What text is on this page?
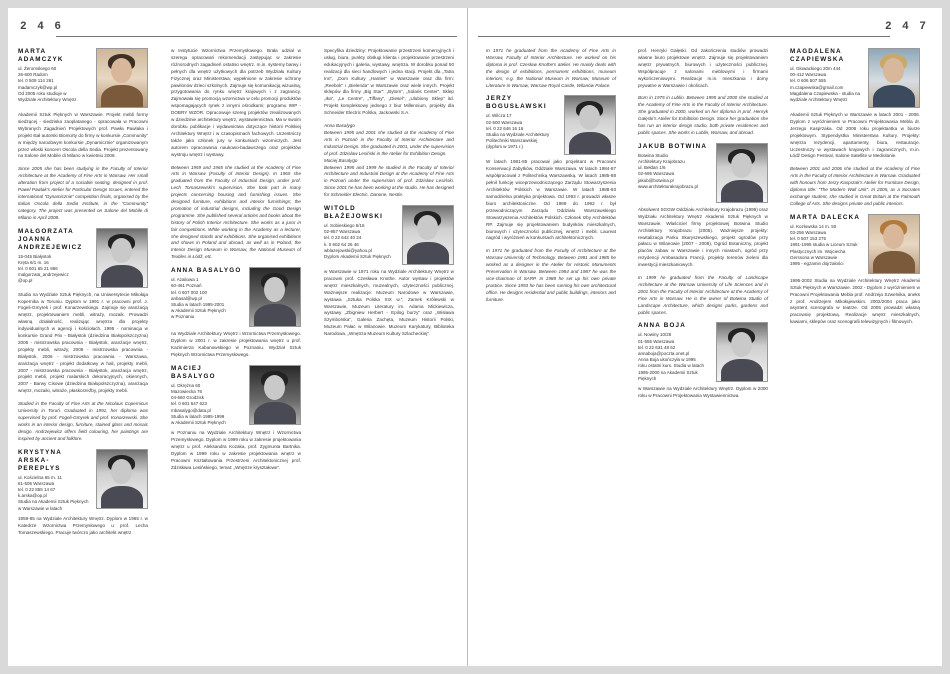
2 4 6
MARTA ADAMCZYK
ul. Żeromskiego 60
26-600 Radom
tel. 0 509 114 261
madamczyk@wp.pl
Od 2005 roku studiuje w
Wydziale Architektury Wnętrz

Akademii Sztuk Pięknych w Warszawie. Projekt mebli formy siedzącej - siedziska zaoplatanego - opracowała w Pracowni Wybranych Zagadnień Projektowych prof. Pawła Pawlaka i projekt stał autorski Biomorty do firmy w konkursie „Community” w między narodowym konkursie „Dynamicznie” organizowanym przez włoski koncern Oscola della Sedia. Projekt prezentowany na Salone del Mobile di Milano w kwietniu 2008.

Since 2005 she has been studying in the Faculty of Interior Architecture at the Academy of Fine Arts in Warsaw. Her small alteration from project of a sociable seating, designed in prof. Pawel Pawlak's Atelier for Particular Design Issues, entered the international “Dynamicznie” competition finals, organised by the Italian Oscola della Sedia Institute, in the “Community” category. The project was presented on Salone del Mobile di Milano in April 2008.

MAŁGORZATA JOANNA ANDRZEJEWICZ
15-045 Białystok
Kręta 6/1 m. 16
tel. 0 601 65 21 866
malgorzata_andrzejewicz
@op.pl

Studia na Wydziale Sztuk Pięknych, na Uniwersytecie Mikołaja Kopernika w Toruniu. Dyplom w 1991 r. w pracowni prof. J. Fogeli-Gmyrek i prof. Konarzewskiego. Zajmuje się aranżacją wnętrz, projektowaniem mebli, witraży, mozaik. Prowadzi własną działalność, realizując wnętrza dla projekty indywidualnych w agencji i kościołach. 1995 - nominacja w konkursie Grand Prix - Białystok (dziedzina Białopolszczyzna) 2005 - mistrzowska pracownia - Białystok, aranżacje wnętrz, projekty mebli, witraży, 2006 - mistrzowska pracownia - Białystok, 2006 - mistrzowska pracownia - Warszawa, aranżacja wnętrz - projekt dodatkowy w hali, projekty mebli, 2007 - mistrzowska pracownia - Białystok, aranżacja wnętrz, projekt mebli, projekt malarskich dekoracyjnych, okiennych, 2007 - Barwy Cisowe (dziedzina Białopolszczyzna), aranżacja wnętrz, mozaiki, witraże, płaskorzeźby, projekty mebli.

Studied in the Faculty of Fine Arts at the Nicolaus Copernicus University in Toruń. Graduated in 1991, her diploma was supervised by prof. Fogeli-Gmyrek and prof. Konarzewski. She works in an interior design, furniture, stained glass and mosaic design. Andrzejewicz offers field colouring, her paintings are inspired by ancient and folklore.

KRYSTYNA ARSKA-PEREPLYS
ul. Kościelna 65 m. 11
61-505 Warszawa
tel. 0 22 855 14 67
k.arska@op.pl
Studia na Akademii Sztuk Pięknych w Warszawie w latach

1959-65 na Wydziale Architektury Wnętrz. Dyplom w 1965 r. w Katedrze Wzornictwa Przemysłowego u prof. Lecha Tomaszewskiego. Pracuje twórczo jako architekt wnętrz

w Instytucie Wzornictwa Przemysłowego. Brała udział w szeregu opracowań rekomendacji zastępując w zakresie różnorodnych zagadnień ostatnio wnętrz. m.in. systemy barwy i pełnych dla wnętrz użytkowych dla potrzeb Wydziału Kultury Fizycznej oraz Ministerstwa; wypełnione w zakresie ochrony pawilonów dzieci szkolnych. Zajmuje się komunikacją wizualną, przygotowania do rynku wnętrz krajowych i z zagranicy. Zajmowała się promocją wzornictwa w celu promocji produktów wspomagających rynek z innymi ośrodkami; programu IWP - DOBRY WZÓR. Opracowuje szereg projektów zrealizowanych w dziedzinie architektury wnętrz, wystawiennictwa. Ma w swoim dorobku publikacje i wydawnictwa dotyczące historii Polskiej Architektury Wnętrz i w czasopismach fachowych. Uczestniczy także jako członek jury w konkursach wzorniczych. Jest autorem opracowania naukowo-badawczego oraz projektów wystroju wnętrz i wystawy.

Between 1959 and 1965 she studied at the Academy of Fine Arts in Warsaw (Faculty of Interior Design). In 1965 she graduated from the Faculty of Industrial Design, under prof. Lech Tomaszewski's supervision. She took part in many projects concerning housing and furnishing issues. She designed furniture, exhibitions and interior furnishings; the promotion of industrial designs, including the Good Design programme. She published several articles and books about the history of Polish Interior Architecture. She works as a juror in fair competitions. While working in the Academy as a lecturer, she designed stands and exhibitions. She organised exhibitions and shows in Poland and abroad, as well as in Poland, the Interior Design Museum in Warsaw, the National Museum of Textiles in Łódź, etc.

ANNA BASALYGO
ul. Azaliowa 1
60-461 Poznań
tel. 0 607 002 100
anbasal@wp.pl
Studia w latach 1995-2001
w Akademii Sztuk Pięknych
w Poznaniu

na Wydziale Architektury Wnętrz i Wzornictwa Przemysłowego. Dyplom w 2001 r. w zakresie projektowania wnętrz u prof. Kazimierza Kabanowskiego w Poznaniu. Wydział Sztuk Pięknych Wzornictwa Przemysłowego.

MACIEJ BASALYGO
ul. Okrężna 60
Mazowiecka 76
04-660 Grodzisk
tel. 0 601 647 623
mbasalygo@data.pl
Studia w latach 1995-1999
w Akademii Sztuk Pięknych

w Poznaniu na Wydziale Architektury Wnętrz i Wzornictwa Przemysłowego. Dyplom w 1999 roku w zakresie projektowania wnętrz u prof. Aleksandra Kozaka, prof. Zygmunta Bartnika. Dyplom w 1999 roku w zakresie projektowania wnętrz w Pracowni Kształtowania Przestrzeni Architektonicznej prof. Zdzisława Lesińskiego, temat: „Wnętrze kryształowe”.

Specyfika dziedziny: Projektowanie przestrzeni komercyjnych i usług, biura, punkty obsługi klienta i projektowanie przestrzeni edukacyjnych i galeria, wystawy, wnętrza. W dorobku ponad 50 realizacji dla sieci handlowych i jedna stacji. Projekt dla „Tatra Inn”, „Dom Kultury „Hamlet” w Warszawie oraz dla firm: „Reebok” i „Bielenda” w Warszawie oraz wiele innych. Projekt sklepów dla firmy „Big Star”: „Bytom”, „Solaris Center”. Sklep „Ika”, „Le Centre”, „Tiffany”, „Diesel”, „Ulubiony Sklep” itd. Projekt kompleksowy jednego z biur Millennium, projekty dla Schneider Electric Polska, Jackowski S.A.

Anna Basalygo
Between 1995 and 2001 she studied at the Academy of Fine Arts in Poznań in the Faculty of Interior Architecture and Industrial Design. She graduated in 2001, under the supervision of prof. Zdzisław Lesiński in the Atelier for Exhibition Design.
Maciej Basalygo
Between 1995 and 1999 he studied in the Faculty of Interior Architecture and Industrial Design at the Academy of Fine Arts in Poznań under the supervision of prof. Zdzisław Lesiński. Since 2001 he has been working at the studio. He has designed for Schneider Electric, Danone, Nestle.

WITOLD BŁAŻEJOWSKI
ul. Sobieskiego 6/16
02-957 Warszawa
tel. 0 22 642 40 24
k. 0 602 64 26 46
wblazejowski@yahoo.pl
Dyplom Akademii Sztuk Pięknych

w Warszawie w 1971 roku na Wydziale Architektury Wnętrz w pracowni prof. Czesława Knothe. Autor wystaw i projektów wnętrz mieszkalnych, muzealnych, użyteczności publicznej. Ważniejsze realizacje: Muzeum Narodowe w Warszawie, wystawa „Sztuka Polska XIX w.”, Zamek Królewski w Warszawie, Muzeum Literatury im. Adama Mickiewicza, wystawy „Zbigniew Herbert - Epilog burzy” oraz „Wisława Szymborska”, Galeria Zachęta, Muzeum Historii Polski, Muzeum Pałac w Wilanowie. Muzeum Karykatury, Biblioteka Narodowa, „Wnętrza Muzeum Kultury Szlacheckiej”.

2 4 7

In 1971 he graduated from the Academy of Fine Arts in Warsaw, Faculty of Interior Architecture. He worked on his diploma in prof. Czesław Knothe's atelier. He mainly deals with the design of exhibitions, permanent exhibitions, museum interiors, e.g. the National Museum in Warsaw, Museum of Literature in Warsaw, Warsaw Royal Castle, Wilanów Palace.

JERZY BOGUSŁAWSKI
ul. Wilcza 17
02-500 Warszawa
tel. 0 22 646 16 16
Studia na Wydziale Architektury Politechniki Warszawskiej
(dyplom w 1971 r.)

W latach 1981-85 pracował jako projektant w Pracowni Konserwacji Zabytków, Oddziale Warszawa. W latach 1984-87 współpracował z Politechniką Warszawską. W latach 1985-88 pełnił funkcję wiceprzewodniczącego Zarządu Stowarzyszenia Architektów Polskich w Warszawie. W latach 1988-93 samodzielna praktyka projektowa. Od 1993 r. prowadzi własne biuro architektoniczne. Od 1989 do 1992 r. był przewodniczącym Zarządu Oddziału Warszawskiego Stowarzyszenia Architektów Polskich. Członek Izby Architektów RP. Zajmuje się projektowaniem budynków mieszkalnych, biurowych i użyteczności publicznej, wnętrz i mebli. Laureat nagród i wyróżnień w konkursach architektonicznych.

In 1971 he graduated from the Faculty of Architecture at the Warsaw University of Technology. Between 1981 and 1985 he worked as a designer in the Atelier for Historic Monuments Preservation in Warsaw. Between 1984 and 1987 he was the vice-chairman of SARP. In 1988 he set up his own private practice. Since 1993 he has been running his own architectural office. He designs residential and public buildings, interiors and furniture.

prof. Henryki Gałęski. Od zakończenia studiów prowadzi własne biuro projektowe wnętrz. Zajmuje się projektowaniem wnętrz prywatnych, biurowych i użyteczności publicznej. Współpracuje z salonami meblowymi i firmami wykończeniowymi. Realizacje m.in. mieszkania i domy prywatne w Warszawie i okolicach.

Born in 1975 in Lublin. Between 1995 and 2000 she studied at the Academy of Fine Arts in the Faculty of Interior Architecture. She graduated in 2000, worked on her diploma in prof. Henryk Gałęski's Atelier for Exhibition Design. Since her graduation she has run an interior design studio, both private residences and public spaces. She works in Lublin, Warsaw, and abroad.

JAKUB BOTWINA
Botwina Studio
Architektury Krajobrazu
ul. Bełdan 1/6
02-695 Warszawa
jakub@botwina.pl
www.architekturakrajobrazu.pl

Absolwent SGGW Oddziału Architektury Krajobrazu (1999) oraz Wydziału Architektury Wnętrz Akademii Sztuk Pięknych w Warszawie. Właściciel firmy projektowej Botwina Studio Architektury Krajobrazu (2005). Ważniejsze projekty: rewitalizacja Parku Skaryszewskiego, projekt ogrodów przy pałacu w Wilanowie (2007 - 2008), Ogród Botaniczny, projekt placów zabaw w Warszawie i innych miastach, ogród przy rezydencji Ambasadora Francji, projekty terenów zieleni dla inwestycji mieszkaniowych.

In 1999 he graduated from the Faculty of Landscape Architecture at the Warsaw University of Life Sciences and in 2001 from the Faculty of Interior Architecture at the Academy of Fine Arts in Warsaw. He is the owner of Botwina Studio of Landscape Architecture, which designs parks, gardens and public spaces.

ANNA BOJA
ul. Nowiny 10/26
01-555 Warszawa
tel. 0 22 631 48 62
annaboja@poczta.onet.pl
Anna Boja ukończyła w 1995
roku ostatni kurs. Studia w latach
1995-2000 na Akademii Sztuk Pięknych

w Warszawie na Wydziale Architektury Wnętrz. Dyplom w 2000 roku w Pracowni Projektowania Wystawiennictwa.

MAGDALENA CZAPIEWSKA
ul. Głowackiego 20m 444
00-412 Warszawa
tel. 0 606 507 555
m.czapiewska@gmail.com
Magdalena Czapiewska - studia na wydziale Architektury Wnętrz

Akademii Sztuk Pięknych w Warszawie w latach 2001 - 2006. Dyplom z wyróżnieniem w Pracowni Projektowania Mebla dr. Jerzego Kasprzaka. Od 2006 roku projektantka w biurze projektowym. Stypendystka Ministerstwa Kultury. Projekty: wnętrza rezydencji, apartamenty, biura, restauracje. Uczestniczy w wystawach krajowych i zagranicznych, m.in. Łódź Design Festival, Salone Satellite w Mediolanie.

Between 2001 and 2006 she studied at the Academy of Fine Arts in the Faculty of Interior Architecture in Warsaw. Graduated with honours from Jerzy Kasprzak's Atelier for Furniture Design, diploma title: “The Modern Wall Unit”. In 2005, as a Socrates exchange student, she studied in Great Britain at the Falmouth College of Arts. She designs private and public interiors.

MARTA DALECKA
ul. Kozłowska 14 m. 50
03-256 Warszawa
tel. 0 507 153 275
1991-1995 studia w Liceum Sztuk
Plastycznych im. Wojciecha
Gerssona w Warszawie
1995 - egzamin dojrzałości

1995-2002 Studia na Wydziale Architektury Wnętrz Akademii Sztuk Pięknych w Warszawie. 2002 - Dyplom z wyróżnieniem w Pracowni Projektowania Mebla prof. Andrzeja Szwelnika, aneks z prof. Andrzejem Mikołajewskim. 2002/2004 praca jako asystent scenografa w teatrze. Od 2005 prowadzi własną pracownię projektową. Realizacje wnętrz mieszkalnych, kawiarni, sklepów oraz scenografii telewizyjnych i filmowych.
